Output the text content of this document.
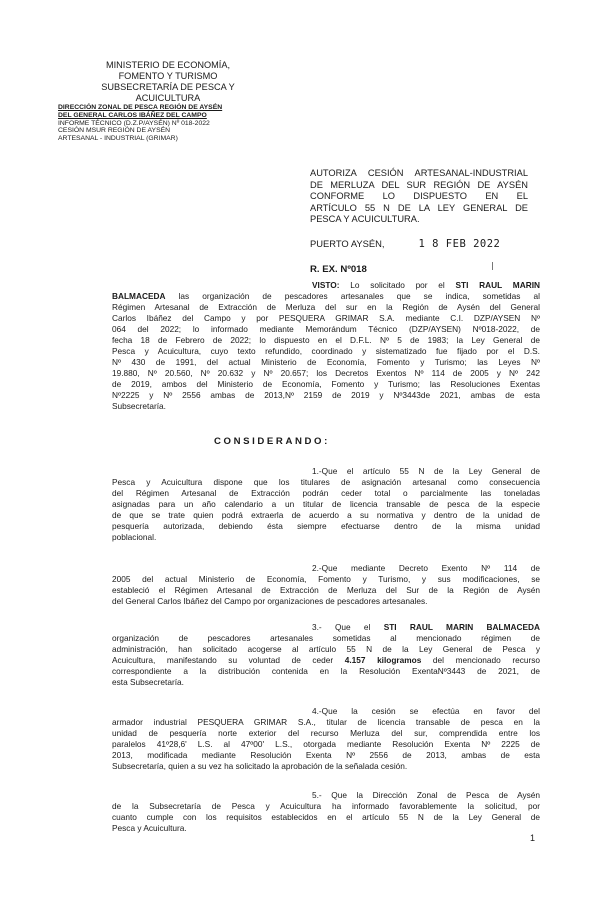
MINISTERIO DE ECONOMÍA,
FOMENTO Y TURISMO
SUBSECRETARÍA DE PESCA Y
ACUICULTURA
DIRECCIÓN ZONAL DE PESCA REGIÓN DE AYSÉN
DEL GENERAL CARLOS IBÁÑEZ DEL CAMPO
INFORME TÉCNICO (D.Z.P/AYSÉN) Nº 018-2022
CESIÓN MSUR REGIÓN DE AYSÉN
ARTESANAL - INDUSTRIAL (GRIMAR)
AUTORIZA CESIÓN ARTESANAL-INDUSTRIAL
DE MERLUZA DEL SUR REGIÓN DE AYSÉN
CONFORME LO DISPUESTO EN EL
ARTÍCULO 55 N DE LA LEY GENERAL DE
PESCA Y ACUICULTURA.
PUERTO AYSÉN,	1 8 FEB 2022
R. EX. Nº018
VISTO: Lo solicitado por el STI RAUL MARIN
BALMACEDA las organización de pescadores artesanales que se indica, sometidas al
Régimen Artesanal de Extracción de Merluza del sur en la Región de Aysén del General
Carlos Ibáñez del Campo y por PESQUERA GRIMAR S.A. mediante C.I. DZP/AYSEN Nº
064 del 2022; lo informado mediante Memorándum Técnico (DZP/AYSEN) Nº018-2022, de
fecha 18 de Febrero de 2022; lo dispuesto en el D.F.L. Nº 5 de 1983; la Ley General de
Pesca y Acuicultura, cuyo texto refundido, coordinado y sistematizado fue fijado por el D.S.
Nº 430 de 1991, del actual Ministerio de Economía, Fomento y Turismo; las Leyes Nº
19.880, Nº 20.560, Nº 20.632 y Nº 20.657; los Decretos Exentos Nº 114 de 2005 y Nº 242
de 2019, ambos del Ministerio de Economía, Fomento y Turismo; las Resoluciones Exentas
Nº2225 y Nº 2556 ambas de 2013,Nº 2159 de 2019 y Nº3443de 2021, ambas de esta
Subsecretaría.
CONSIDERANDO:
1.-Que el artículo 55 N de la Ley General de
Pesca y Acuicultura dispone que los titulares de asignación artesanal como consecuencia
del Régimen Artesanal de Extracción podrán ceder total o parcialmente las toneladas
asignadas para un año calendario a un titular de licencia transable de pesca de la especie
de que se trate quien podrá extraerla de acuerdo a su normativa y dentro de la unidad de
pesquería autorizada, debiendo ésta siempre efectuarse dentro de la misma unidad
poblacional.
2.-Que mediante Decreto Exento Nº 114 de
2005 del actual Ministerio de Economía, Fomento y Turismo, y sus modificaciones, se
estableció el Régimen Artesanal de Extracción de Merluza del Sur de la Región de Aysén
del General Carlos Ibáñez del Campo por organizaciones de pescadores artesanales.
3.- Que el STI RAUL MARIN BALMACEDA
organización de pescadores artesanales sometidas al mencionado régimen de
administración, han solicitado acogerse al artículo 55 N de la Ley General de Pesca y
Acuicultura, manifestando su voluntad de ceder 4.157 kilogramos del mencionado recurso
correspondiente a la distribución contenida en la Resolución ExentaNº3443 de 2021, de
esta Subsecretaría.
4.-Que la cesión se efectúa en favor del
armador industrial PESQUERA GRIMAR S.A., titular de licencia transable de pesca en la
unidad de pesquería norte exterior del recurso Merluza del sur, comprendida entre los
paralelos 41º28,6' L.S. al 47º00' L.S., otorgada mediante Resolución Exenta Nº 2225 de
2013, modificada mediante Resolución Exenta Nº 2556 de 2013, ambas de esta
Subsecretaría, quien a su vez ha solicitado la aprobación de la señalada cesión.
5.- Que la Dirección Zonal de Pesca de Aysén
de la Subsecretaría de Pesca y Acuicultura ha informado favorablemente la solicitud, por
cuanto cumple con los requisitos establecidos en el artículo 55 N de la Ley General de
Pesca y Acuicultura.
1
